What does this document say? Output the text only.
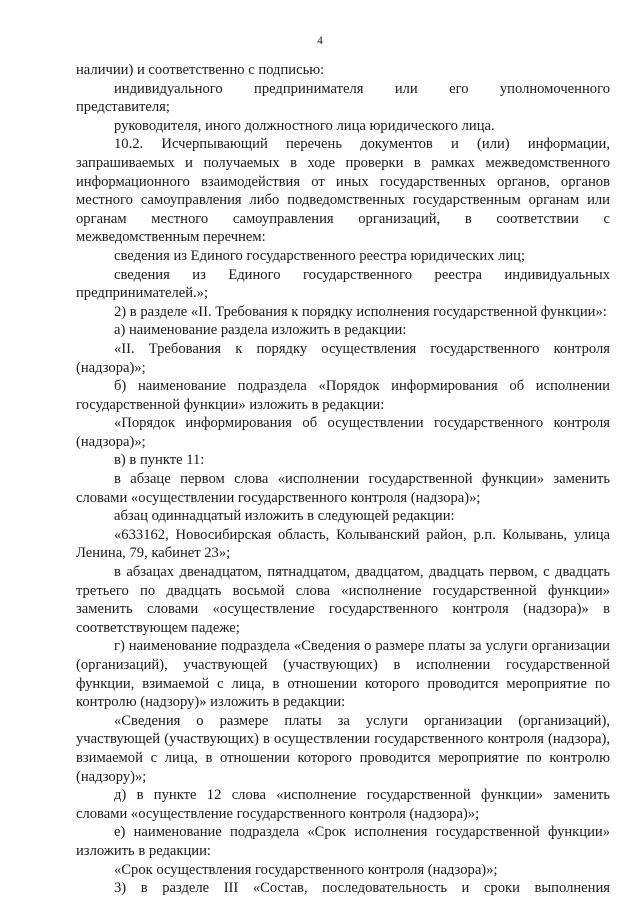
4

наличии) и соответственно с подписью:

индивидуального предпринимателя или его уполномоченного

представителя;

руководителя, иного должностного лица юридического лица.

10.2. Исчерпывающий перечень документов и (или) информации, запрашиваемых и получаемых в ходе проверки в рамках межведомственного информационного взаимодействия от иных государственных органов, органов местного самоуправления либо подведомственных государственным органам или органам местного самоуправления организаций, в соответствии с межведомственным перечнем:

сведения из Единого государственного реестра юридических лиц;

сведения из Единого государственного реестра индивидуальных предпринимателей.»;

2) в разделе «II. Требования к порядку исполнения государственной функции»:

а) наименование раздела изложить в редакции:

«II. Требования к порядку осуществления государственного контроля (надзора)»;

б) наименование подраздела «Порядок информирования об исполнении государственной функции» изложить в редакции:

«Порядок информирования об осуществлении государственного контроля (надзора)»;

в) в пункте 11:

в абзаце первом слова «исполнении государственной функции» заменить словами «осуществлении государственного контроля (надзора)»;

абзац одиннадцатый изложить в следующей редакции:

«633162, Новосибирская область, Колыванский район, р.п. Колывань, улица Ленина, 79, кабинет 23»;

в абзацах двенадцатом, пятнадцатом, двадцатом, двадцать первом, с двадцать третьего по двадцать восьмой слова «исполнение государственной функции» заменить словами «осуществление государственного контроля (надзора)» в соответствующем падеже;

г) наименование подраздела «Сведения о размере платы за услуги организации (организаций), участвующей (участвующих) в исполнении государственной функции, взимаемой с лица, в отношении которого проводится мероприятие по контролю (надзору)» изложить в редакции:

«Сведения о размере платы за услуги организации (организаций), участвующей (участвующих) в осуществлении государственного контроля (надзора), взимаемой с лица, в отношении которого проводится мероприятие по контролю (надзору)»;

д) в пункте 12 слова «исполнение государственной функции» заменить словами «осуществление государственного контроля (надзора)»;

е) наименование подраздела «Срок исполнения государственной функции» изложить в редакции:

«Срок осуществления государственного контроля (надзора)»;

3) в разделе III «Состав, последовательность и сроки выполнения
